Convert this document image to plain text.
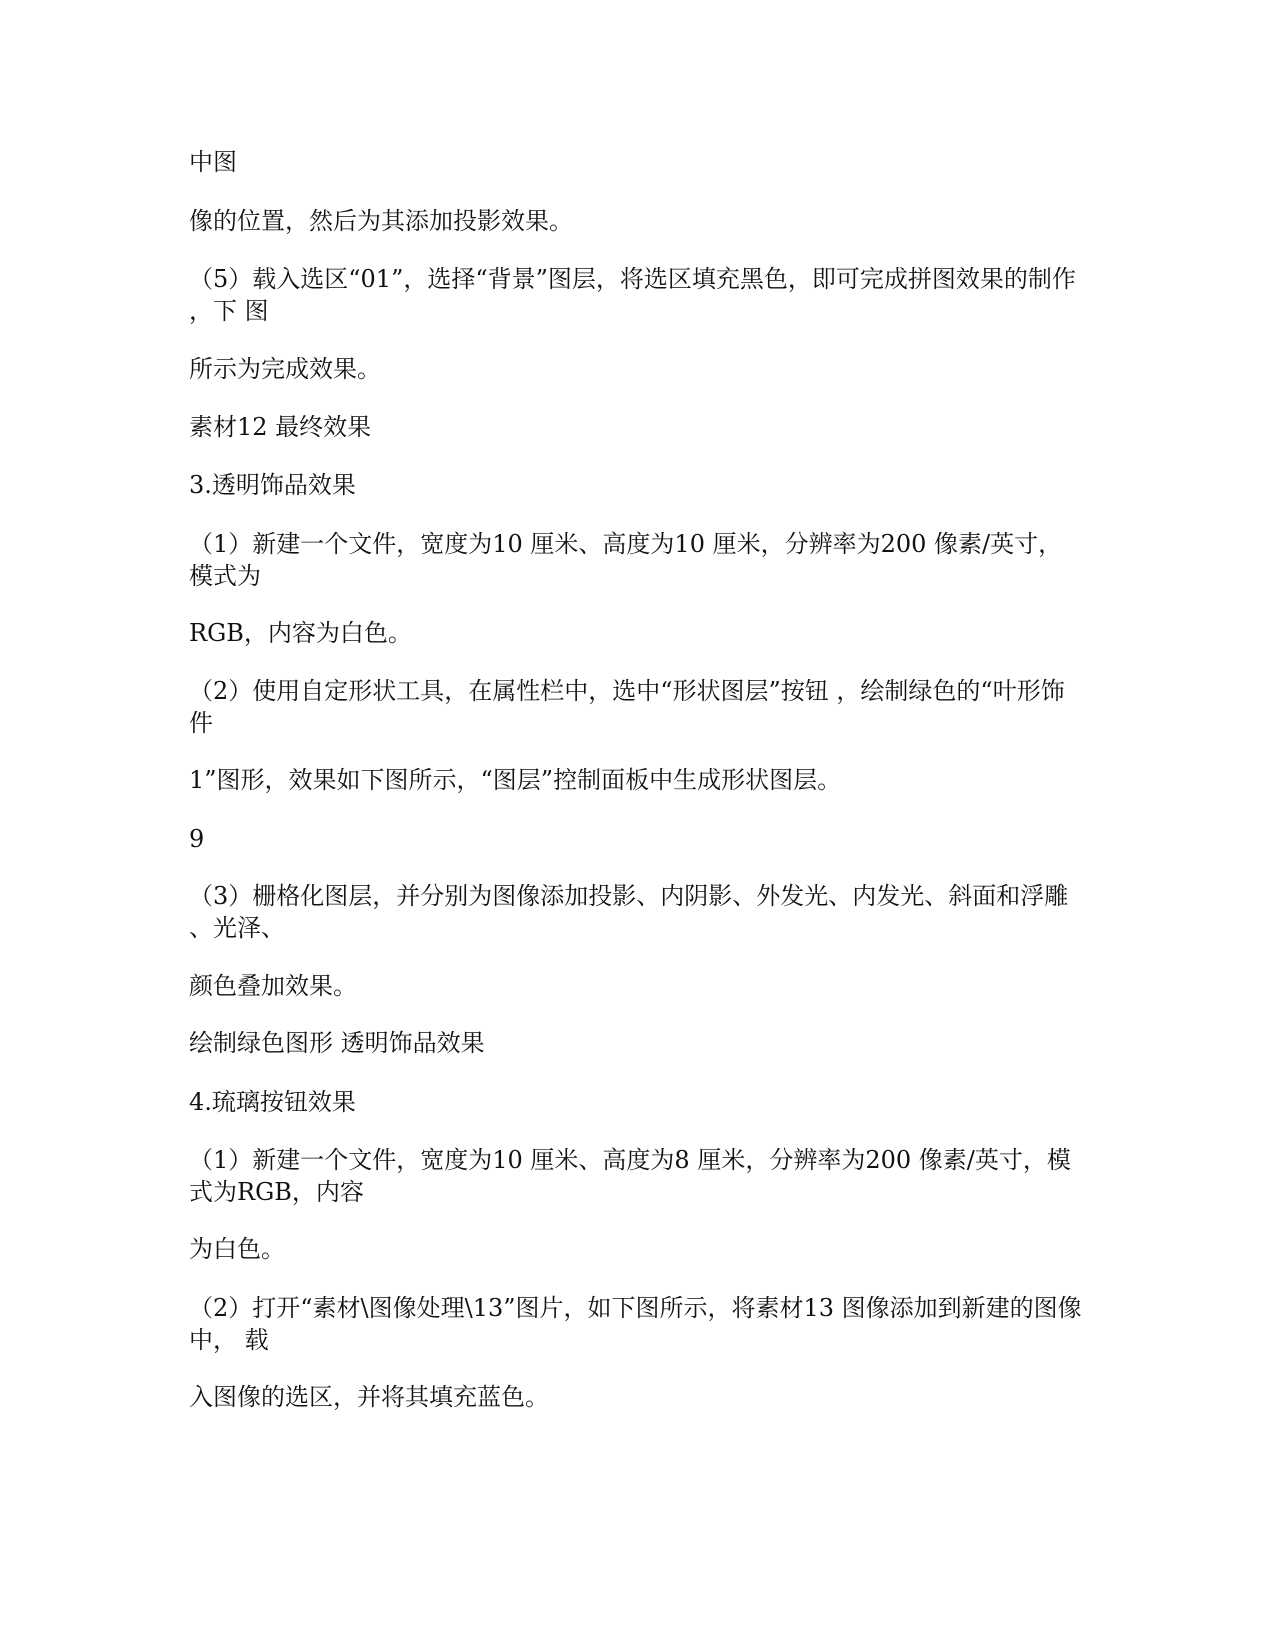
中图

像的位置，然后为其添加投影效果。

（5）载入选区“01”，选择“背景”图层，将选区填充黑色，即可完成拼图效果的制作

，下 图

所示为完成效果。

素材12 最终效果

3.透明饰品效果

（1）新建一个文件，宽度为10 厘米、高度为10 厘米，分辨率为200 像素/英寸，

模式为

RGB，内容为白色。

（2）使用自定形状工具，在属性栏中，选中“形状图层”按钮 ，绘制绿色的“叶形饰

件

1”图形，效果如下图所示，“图层”控制面板中生成形状图层。

9

（3）栅格化图层，并分别为图像添加投影、内阴影、外发光、内发光、斜面和浮雕

、光泽、

颜色叠加效果。

绘制绿色图形 透明饰品效果

4.琉璃按钮效果

（1）新建一个文件，宽度为10 厘米、高度为8 厘米，分辨率为200 像素/英寸，模

式为RGB，内容

为白色。

（2）打开“素材\图像处理\13”图片，如下图所示，将素材13 图像添加到新建的图像

中， 载

入图像的选区，并将其填充蓝色。
